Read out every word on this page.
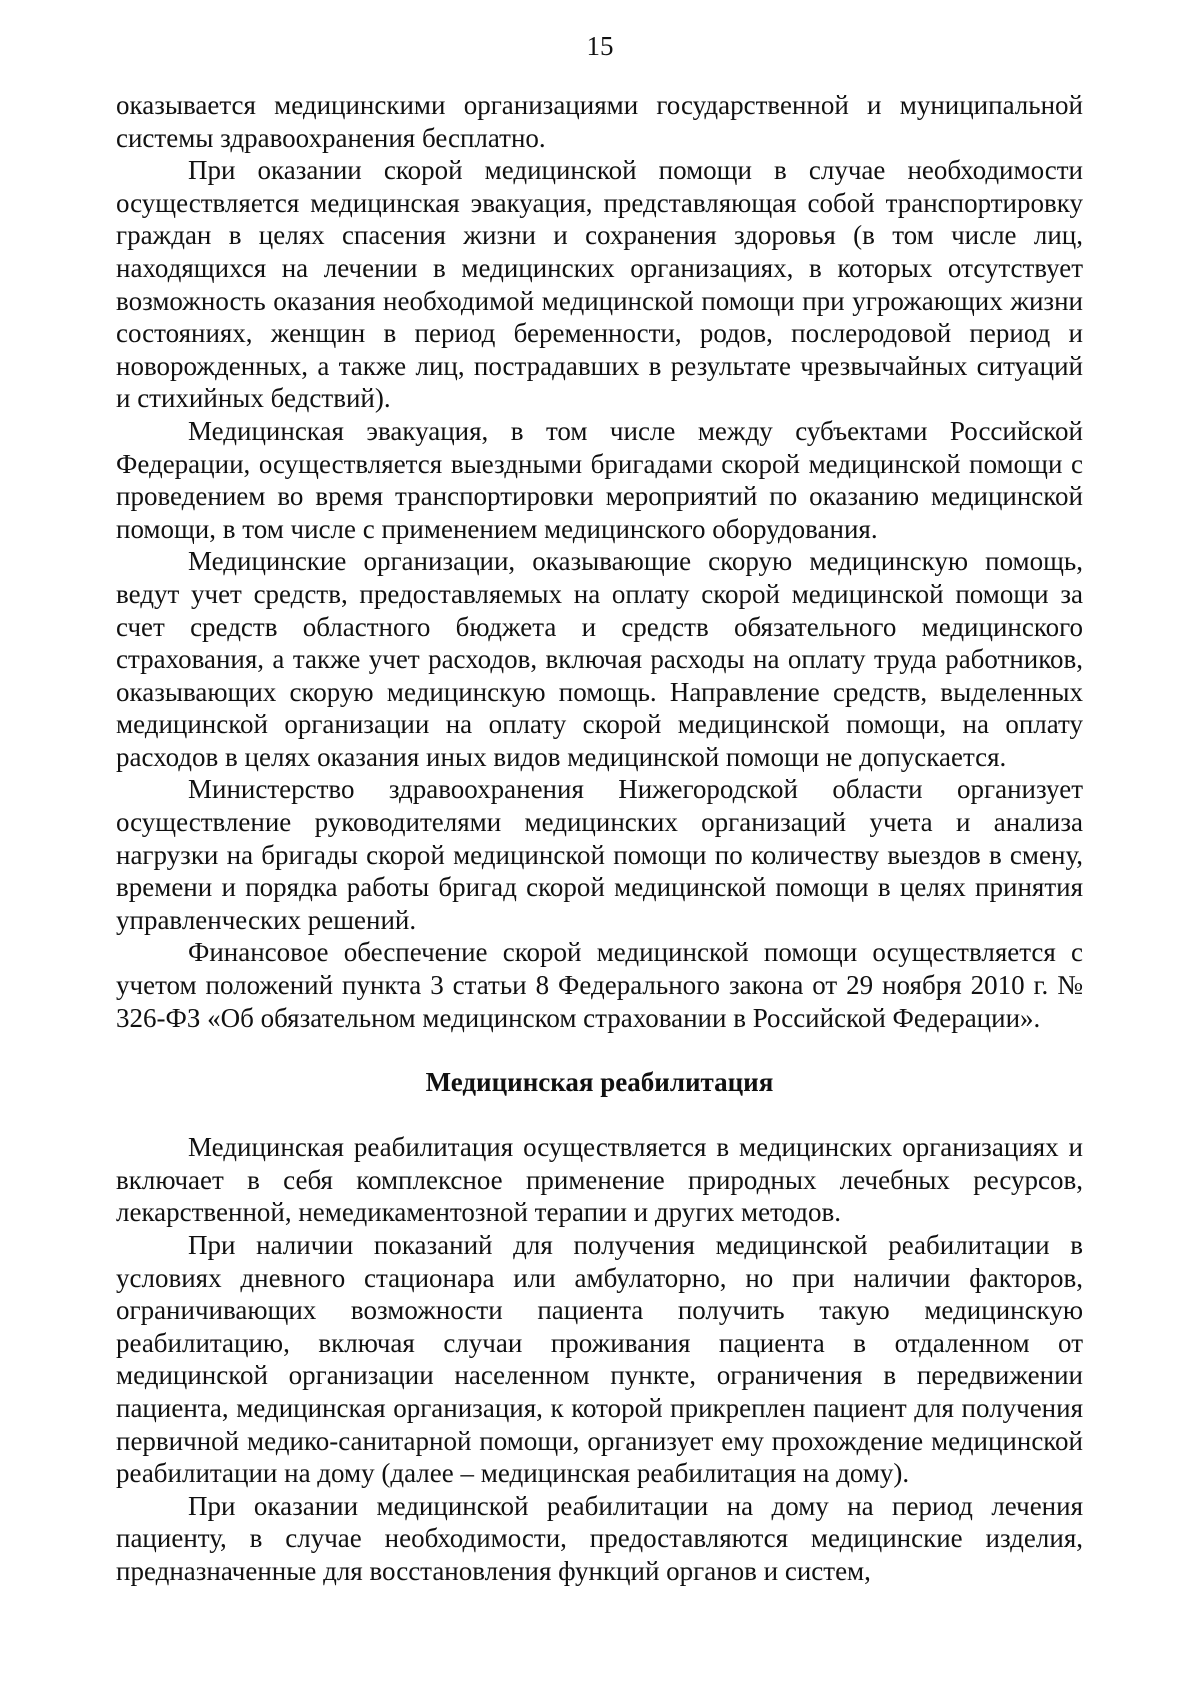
15

оказывается медицинскими организациями государственной и муниципальной системы здравоохранения бесплатно.

При оказании скорой медицинской помощи в случае необходимости осуществляется медицинская эвакуация, представляющая собой транспортировку граждан в целях спасения жизни и сохранения здоровья (в том числе лиц, находящихся на лечении в медицинских организациях, в которых отсутствует возможность оказания необходимой медицинской помощи при угрожающих жизни состояниях, женщин в период беременности, родов, послеродовой период и новорожденных, а также лиц, пострадавших в результате чрезвычайных ситуаций и стихийных бедствий).

Медицинская эвакуация, в том числе между субъектами Российской Федерации, осуществляется выездными бригадами скорой медицинской помощи с проведением во время транспортировки мероприятий по оказанию медицинской помощи, в том числе с применением медицинского оборудования.

Медицинские организации, оказывающие скорую медицинскую помощь, ведут учет средств, предоставляемых на оплату скорой медицинской помощи за счет средств областного бюджета и средств обязательного медицинского страхования, а также учет расходов, включая расходы на оплату труда работников, оказывающих скорую медицинскую помощь. Направление средств, выделенных медицинской организации на оплату скорой медицинской помощи, на оплату расходов в целях оказания иных видов медицинской помощи не допускается.

Министерство здравоохранения Нижегородской области организует осуществление руководителями медицинских организаций учета и анализа нагрузки на бригады скорой медицинской помощи по количеству выездов в смену, времени и порядка работы бригад скорой медицинской помощи в целях принятия управленческих решений.

Финансовое обеспечение скорой медицинской помощи осуществляется с учетом положений пункта 3 статьи 8 Федерального закона от 29 ноября 2010 г. № 326-ФЗ «Об обязательном медицинском страховании в Российской Федерации».

Медицинская реабилитация

Медицинская реабилитация осуществляется в медицинских организациях и включает в себя комплексное применение природных лечебных ресурсов, лекарственной, немедикаментозной терапии и других методов.

При наличии показаний для получения медицинской реабилитации в условиях дневного стационара или амбулаторно, но при наличии факторов, ограничивающих возможности пациента получить такую медицинскую реабилитацию, включая случаи проживания пациента в отдаленном от медицинской организации населенном пункте, ограничения в передвижении пациента, медицинская организация, к которой прикреплен пациент для получения первичной медико-санитарной помощи, организует ему прохождение медицинской реабилитации на дому (далее – медицинская реабилитация на дому).

При оказании медицинской реабилитации на дому на период лечения пациенту, в случае необходимости, предоставляются медицинские изделия, предназначенные для восстановления функций органов и систем,
